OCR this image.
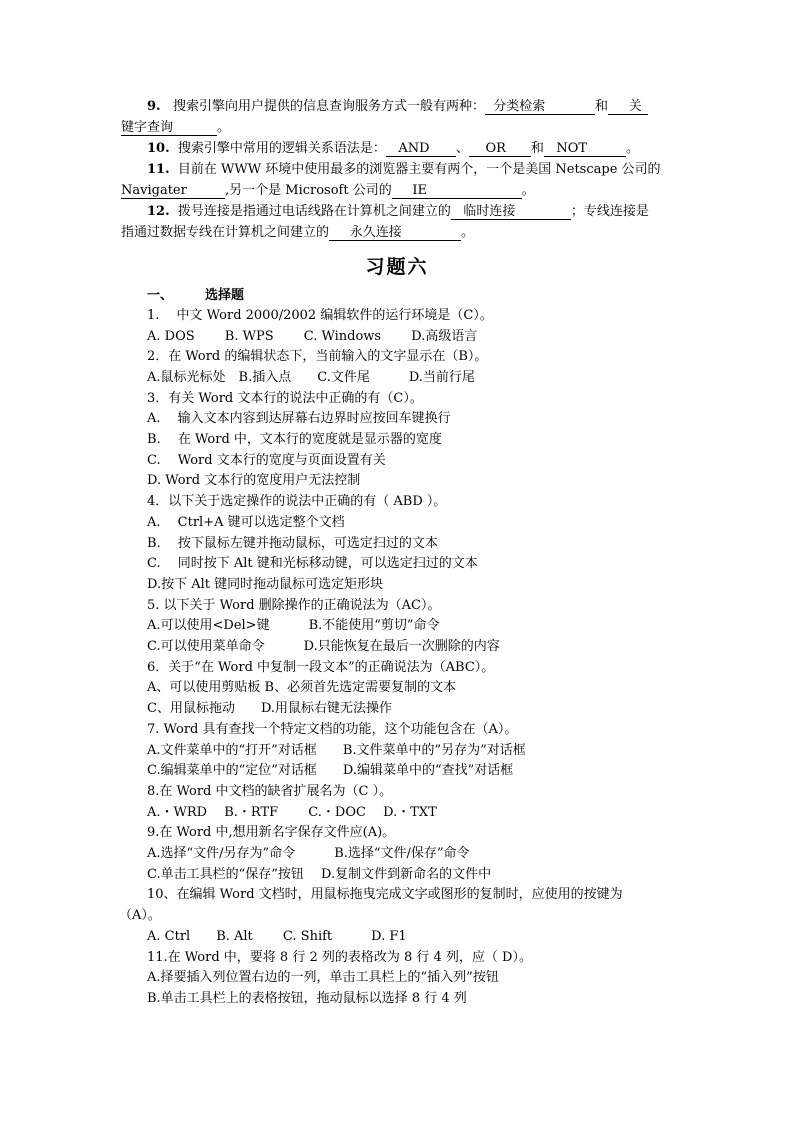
9. 搜索引擎向用户提供的信息查询服务方式一般有两种： 分类检索	和 关
键字查询	。
10. 搜索引擎中常用的逻辑关系语法是： AND 、 OR 和 NOT	。
11. 目前在 WWW 环境中使用最多的浏览器主要有两个，一个是美国 Netscape 公司的
Navigater	,另一个是 Microsoft 公司的 IE	。
12. 拨号连接是指通过电话线路在计算机之间建立的 临时连接	；专线连接是
指通过数据专线在计算机之间建立的 永久连接	。
习题六
一、 选择题
1.　 中文 Word 2000/2002 编辑软件的运行环境是（C）。
A. DOS　　 B. WPS　　 C. Windows　　 D.高级语言
2．在 Word 的编辑状态下，当前输入的文字显示在（B）。
A.鼠标光标处　B.插入点　　C.文件尾　　　D.当前行尾
3．有关 Word 文本行的说法中正确的有（C）。
A.　 输入文本内容到达屏幕右边界时应按回车键换行
B.　 在 Word 中，文本行的宽度就是显示器的宽度
C.　 Word 文本行的宽度与页面设置有关
D. Word 文本行的宽度用户无法控制
4．以下关于选定操作的说法中正确的有（ ABD ）。
A.　 Ctrl+A 键可以选定整个文档
B.　 按下鼠标左键并拖动鼠标，可选定扫过的文本
C.　 同时按下 Alt 键和光标移动键，可以选定扫过的文本
D.按下 Alt 键同时拖动鼠标可选定矩形块
5. 以下关于 Word 删除操作的正确说法为（AC）。
A.可以使用<Del>键　　　B.不能使用“剪切”命令
C.可以使用菜单命令　　　D.只能恢复在最后一次删除的内容
6．关于“在 Word 中复制一段文本”的正确说法为（ABC）。
A、可以使用剪贴板 B、必须首先选定需要复制的文本
C、用鼠标拖动　　D.用鼠标右键无法操作
7. Word 具有查找一个特定文档的功能，这个功能包含在（A）。
A.文件菜单中的“打开”对话框　　B.文件菜单中的”另存为”对话框
C.编辑菜单中的“定位”对话框　　D.编辑菜单中的“查找”对话框
8.在 Word 中文档的缺省扩展名为（C ）。
A.・WRD　 B.・RTF　　 C.・DOC　 D.・TXT
9.在 Word 中,想用新名字保存文件应(A)。
A.选择“文件/另存为”命令　　　B.选择“文件/保存”命令
C.单击工具栏的“保存”按钮　 D.复制文件到新命名的文件中
10、在编辑 Word 文档时，用鼠标拖曳完成文字或图形的复制时，应使用的按键为
（A）。
A. Ctrl　　B. Alt　　 C. Shift　　　D. F1
11.在 Word 中，要将 8 行 2 列的表格改为 8 行 4 列，应（ D）。
A.择要插入列位置右边的一列，单击工具栏上的“插入列”按钮
B.单击工具栏上的表格按钮，拖动鼠标以选择 8 行 4 列
